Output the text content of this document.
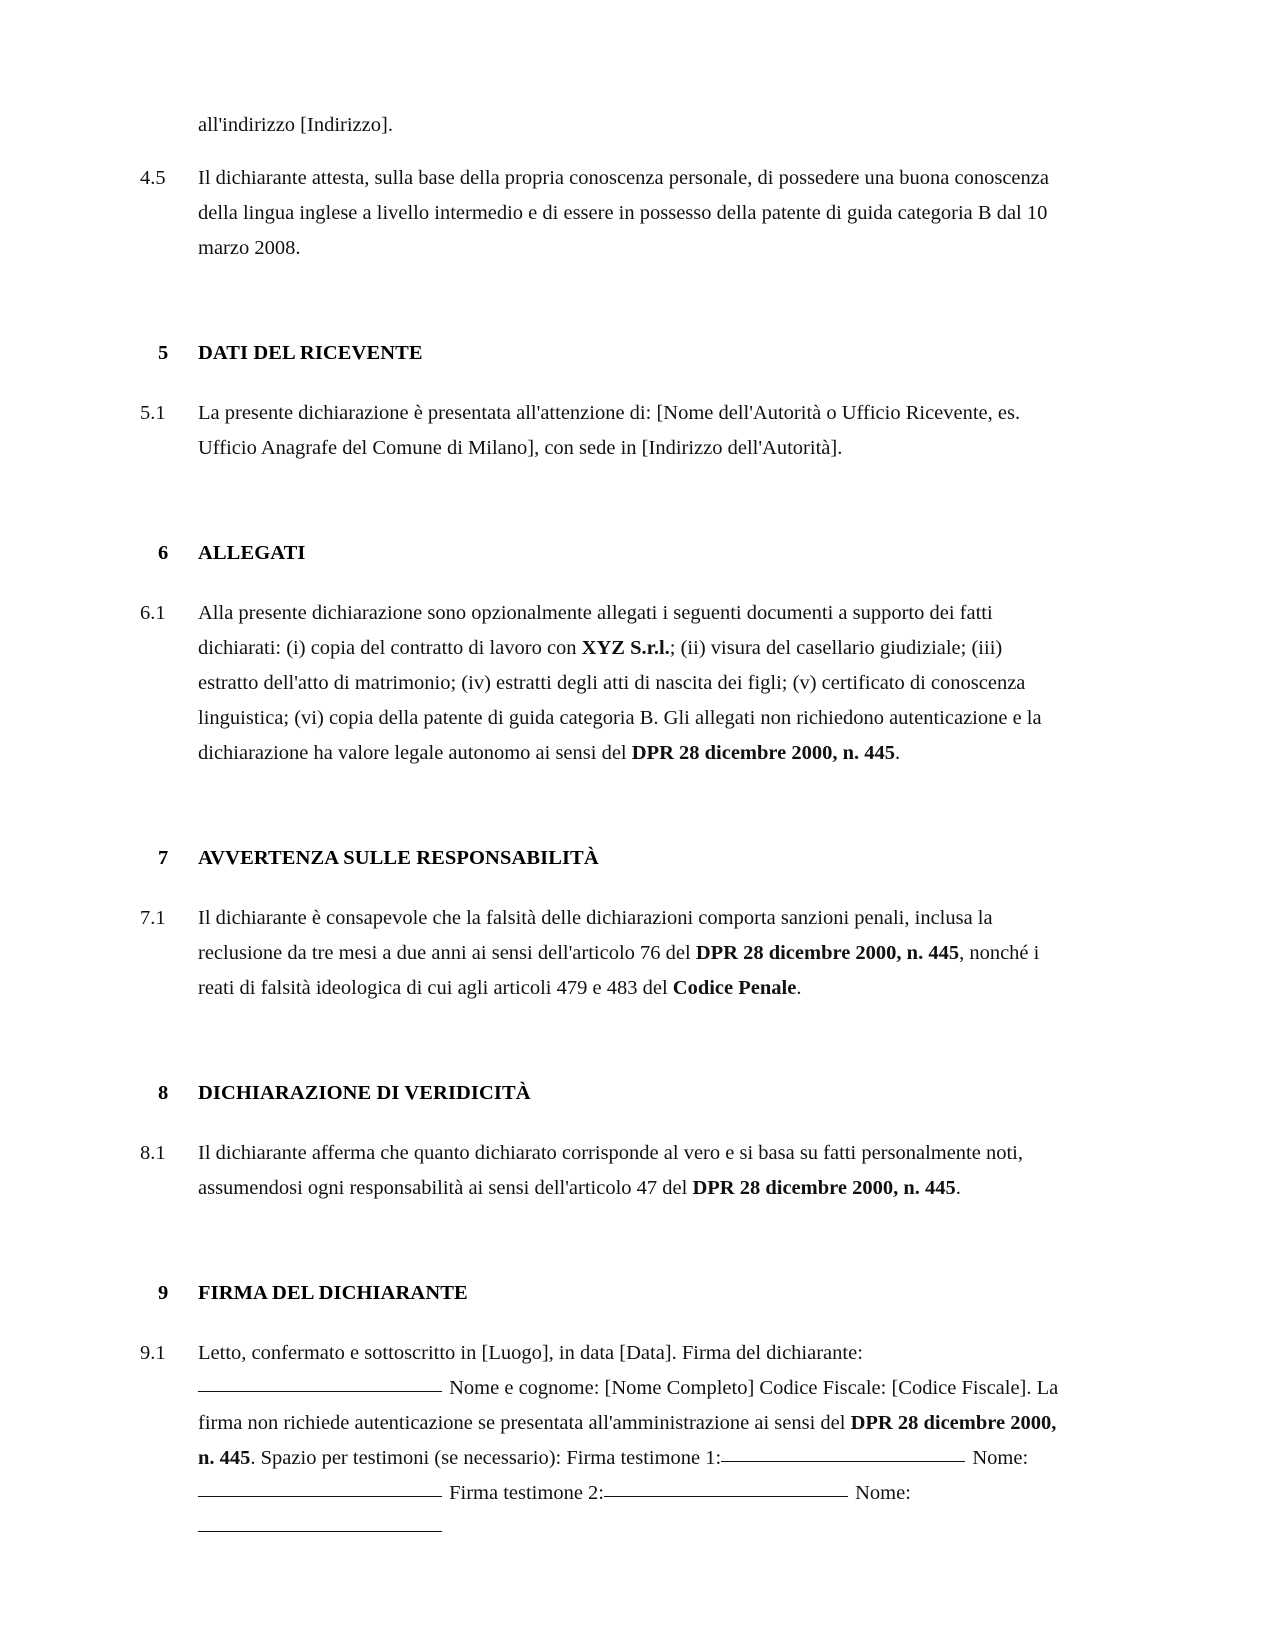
all'indirizzo [Indirizzo].
4.5	Il dichiarante attesta, sulla base della propria conoscenza personale, di possedere una buona conoscenza della lingua inglese a livello intermedio e di essere in possesso della patente di guida categoria B dal 10 marzo 2008.
5 DATI DEL RICEVENTE
5.1	La presente dichiarazione è presentata all'attenzione di: [Nome dell'Autorità o Ufficio Ricevente, es. Ufficio Anagrafe del Comune di Milano], con sede in [Indirizzo dell'Autorità].
6 ALLEGATI
6.1	Alla presente dichiarazione sono opzionalmente allegati i seguenti documenti a supporto dei fatti dichiarati: (i) copia del contratto di lavoro con XYZ S.r.l.; (ii) visura del casellario giudiziale; (iii) estratto dell'atto di matrimonio; (iv) estratti degli atti di nascita dei figli; (v) certificato di conoscenza linguistica; (vi) copia della patente di guida categoria B. Gli allegati non richiedono autenticazione e la dichiarazione ha valore legale autonomo ai sensi del DPR 28 dicembre 2000, n. 445.
7 AVVERTENZA SULLE RESPONSABILITÀ
7.1	Il dichiarante è consapevole che la falsità delle dichiarazioni comporta sanzioni penali, inclusa la reclusione da tre mesi a due anni ai sensi dell'articolo 76 del DPR 28 dicembre 2000, n. 445, nonché i reati di falsità ideologica di cui agli articoli 479 e 483 del Codice Penale.
8 DICHIARAZIONE DI VERIDICITÀ
8.1	Il dichiarante afferma che quanto dichiarato corrisponde al vero e si basa su fatti personalmente noti, assumendosi ogni responsabilità ai sensi dell'articolo 47 del DPR 28 dicembre 2000, n. 445.
9 FIRMA DEL DICHIARANTE
9.1	Letto, confermato e sottoscritto in [Luogo], in data [Data]. Firma del dichiarante: Nome e cognome: [Nome Completo] Codice Fiscale: [Codice Fiscale]. La firma non richiede autenticazione se presentata all'amministrazione ai sensi del DPR 28 dicembre 2000, n. 445. Spazio per testimoni (se necessario): Firma testimone 1:	Nome: Firma testimone 2:	Nome:
